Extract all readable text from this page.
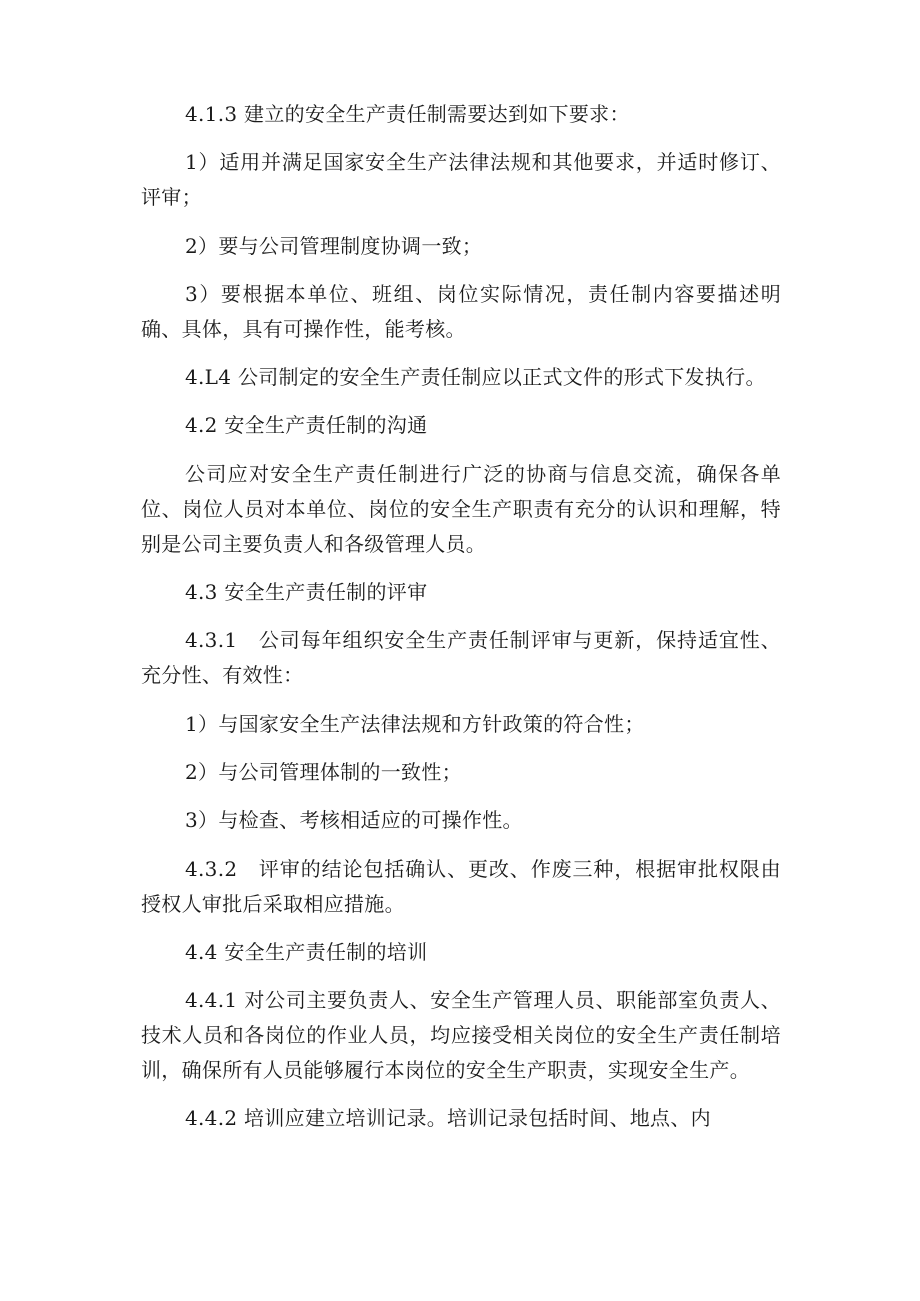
4.1.3 建立的安全生产责任制需要达到如下要求：

1）适用并满足国家安全生产法律法规和其他要求，并适时修订、评审；

2）要与公司管理制度协调一致；

3）要根据本单位、班组、岗位实际情况，责任制内容要描述明确、具体，具有可操作性，能考核。

4.L4 公司制定的安全生产责任制应以正式文件的形式下发执行。

4.2 安全生产责任制的沟通

公司应对安全生产责任制进行广泛的协商与信息交流，确保各单位、岗位人员对本单位、岗位的安全生产职责有充分的认识和理解，特别是公司主要负责人和各级管理人员。

4.3 安全生产责任制的评审

4.3.1　公司每年组织安全生产责任制评审与更新，保持适宜性、充分性、有效性：

1）与国家安全生产法律法规和方针政策的符合性；

2）与公司管理体制的一致性；

3）与检查、考核相适应的可操作性。

4.3.2　评审的结论包括确认、更改、作废三种，根据审批权限由授权人审批后采取相应措施。

4.4 安全生产责任制的培训

4.4.1 对公司主要负责人、安全生产管理人员、职能部室负责人、技术人员和各岗位的作业人员，均应接受相关岗位的安全生产责任制培训，确保所有人员能够履行本岗位的安全生产职责，实现安全生产。

4.4.2 培训应建立培训记录。培训记录包括时间、地点、内
